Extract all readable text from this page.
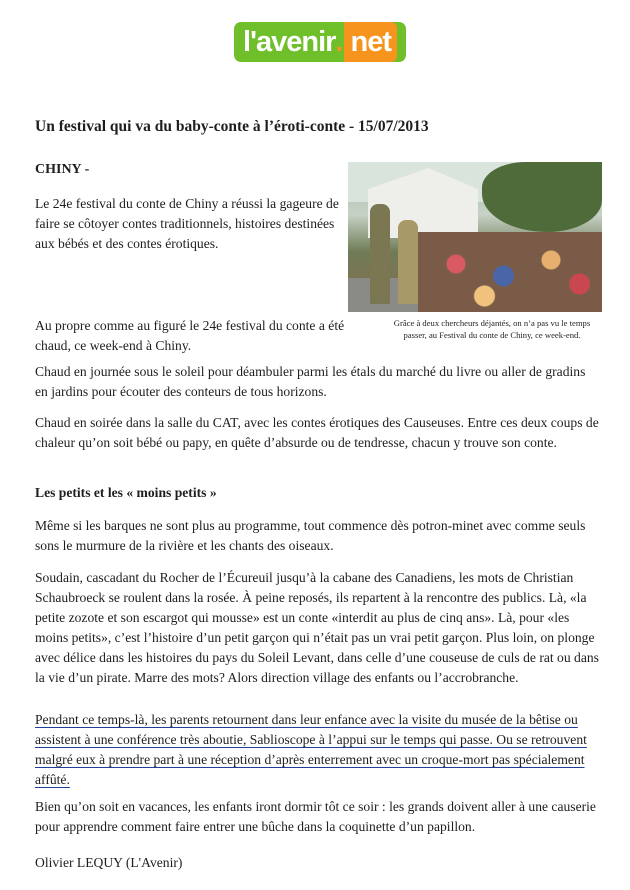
l'avenir . net
Un festival qui va du baby-conte à l’éroti-conte - 15/07/2013

CHINY -

Le 24e festival du conte de Chiny a réussi la gageure de faire se côtoyer contes traditionnels, histoires destinées aux bébés et des contes érotiques.

Grâce à deux chercheurs déjantés, on n’a pas vu le temps passer, au Festival du conte de Chiny, ce week-end.

Au propre comme au figuré le 24e festival du conte a été chaud, ce week-end à Chiny.

Chaud en journée sous le soleil pour déambuler parmi les étals du marché du livre ou aller de gradins en jardins pour écouter des conteurs de tous horizons.

Chaud en soirée dans la salle du CAT, avec les contes érotiques des Causeuses. Entre ces deux coups de chaleur qu’on soit bébé ou papy, en quête d’absurde ou de tendresse, chacun y trouve son conte.

Les petits et les « moins petits »

Même si les barques ne sont plus au programme, tout commence dès potron-minet avec comme seuls sons le murmure de la rivière et les chants des oiseaux.

Soudain, cascadant du Rocher de l’Écureuil jusqu’à la cabane des Canadiens, les mots de Christian Schaubroeck se roulent dans la rosée. À peine reposés, ils repartent à la rencontre des publics. Là, «la petite zozote et son escargot qui mousse» est un conte «interdit au plus de cinq ans». Là, pour «les moins petits», c’est l’histoire d’un petit garçon qui n’était pas un vrai petit garçon. Plus loin, on plonge avec délice dans les histoires du pays du Soleil Levant, dans celle d’une couseuse de culs de rat ou dans la vie d’un pirate. Marre des mots? Alors direction village des enfants ou l’accrobranche.

Pendant ce temps-là, les parents retournent dans leur enfance avec la visite du musée de la bêtise ou assistent à une conférence très aboutie, Sablioscope à l’appui sur le temps qui passe. Ou se retrouvent malgré eux à prendre part à une réception d’après enterrement avec un croque-mort pas spécialement affûté.

Bien qu’on soit en vacances, les enfants iront dormir tôt ce soir : les grands doivent aller à une causerie pour apprendre comment faire entrer une bûche dans la coquinette d’un papillon.

Olivier LEQUY (L'Avenir)
